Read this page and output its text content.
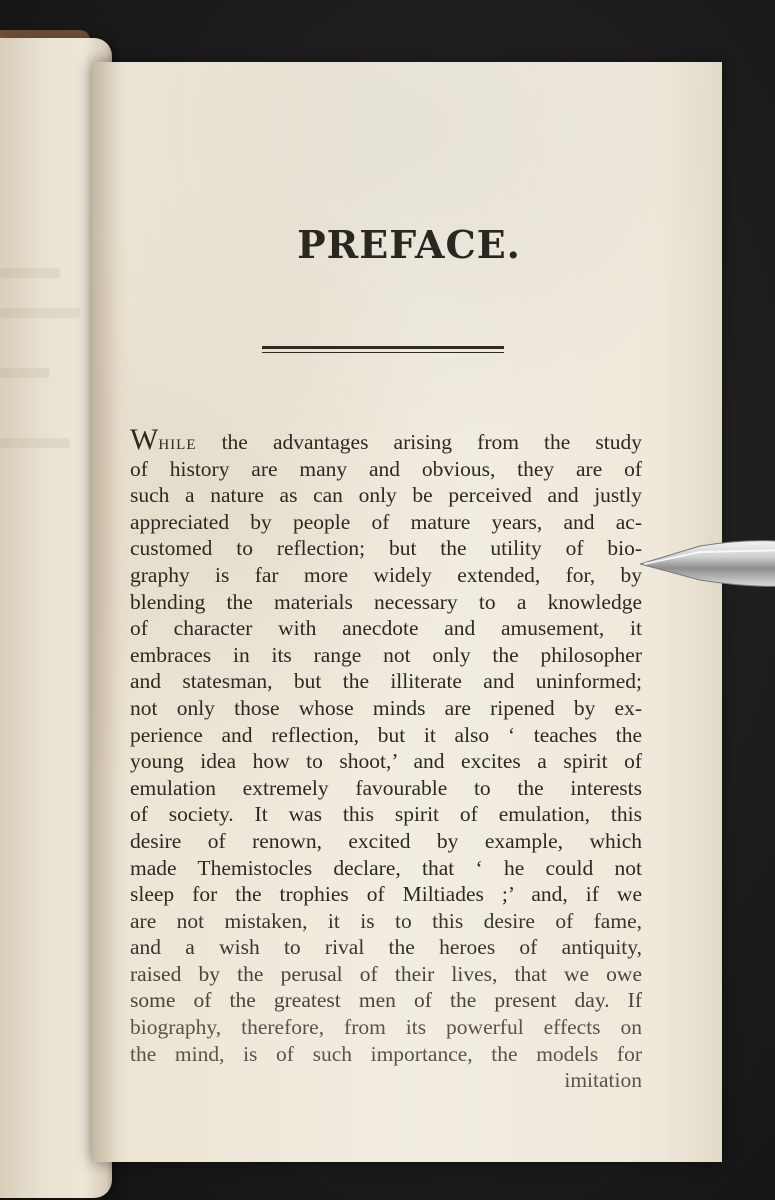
PREFACE.

While the advantages arising from the study
of history are many and obvious, they are of
such a nature as can only be perceived and justly
appreciated by people of mature years, and ac-
customed to reflection; but the utility of bio-
graphy is far more widely extended, for, by
blending the materials necessary to a knowledge
of character with anecdote and amusement, it
embraces in its range not only the philosopher
and statesman, but the illiterate and uninformed;
not only those whose minds are ripened by ex-
perience and reflection, but it also ‘ teaches the
young idea how to shoot,’ and excites a spirit of
emulation extremely favourable to the interests
of society. It was this spirit of emulation, this
desire of renown, excited by example, which
made Themistocles declare, that ‘ he could not
sleep for the trophies of Miltiades ;’ and, if we
are not mistaken, it is to this desire of fame,
and a wish to rival the heroes of antiquity,
raised by the perusal of their lives, that we owe
some of the greatest men of the present day. If
biography, therefore, from its powerful effects on
the mind, is of such importance, the models for
imitation
